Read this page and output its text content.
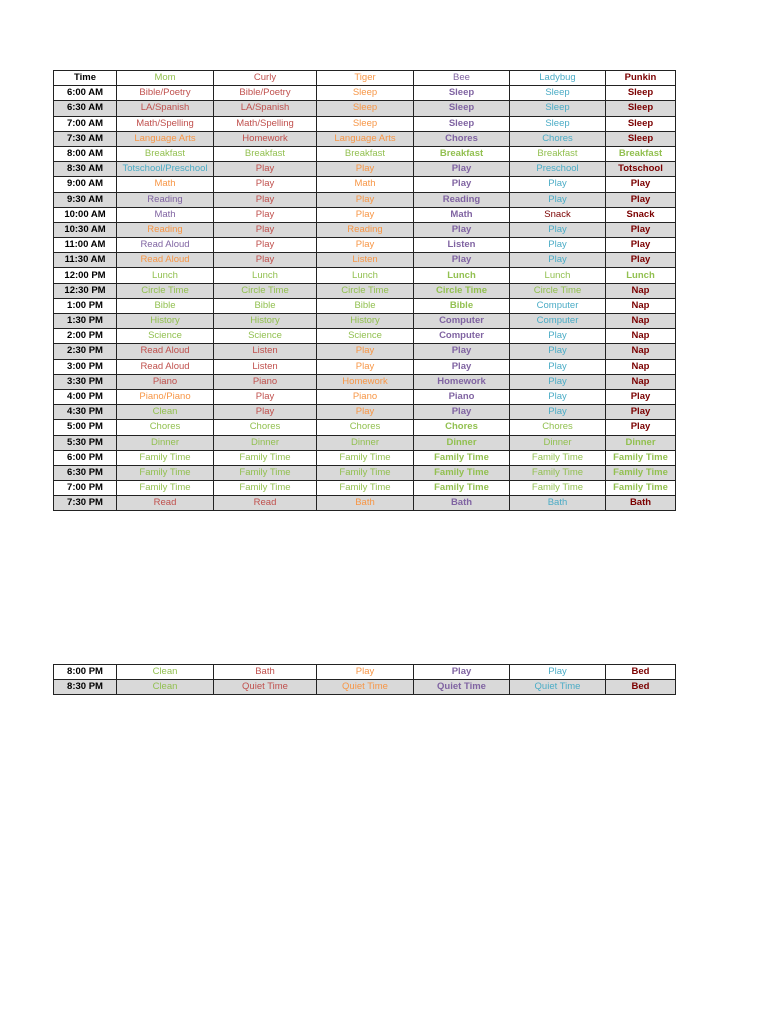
Time	Mom	Curly	Tiger	Bee	Ladybug	Punkin
6:00 AM	Bible/Poetry	Bible/Poetry	Sleep	Sleep	Sleep	Sleep
6:30 AM	LA/Spanish	LA/Spanish	Sleep	Sleep	Sleep	Sleep
7:00 AM	Math/Spelling	Math/Spelling	Sleep	Sleep	Sleep	Sleep
7:30 AM	Language Arts	Homework	Language Arts	Chores	Chores	Sleep
8:00 AM	Breakfast	Breakfast	Breakfast	Breakfast	Breakfast	Breakfast
8:30 AM	Totschool/Preschool	Play	Play	Play	Preschool	Totschool
9:00 AM	Math	Play	Math	Play	Play	Play
9:30 AM	Reading	Play	Play	Reading	Play	Play
10:00 AM	Math	Play	Play	Math	Snack	Snack
10:30 AM	Reading	Play	Reading	Play	Play	Play
11:00 AM	Read Aloud	Play	Play	Listen	Play	Play
11:30 AM	Read Aloud	Play	Listen	Play	Play	Play
12:00 PM	Lunch	Lunch	Lunch	Lunch	Lunch	Lunch
12:30 PM	Circle Time	Circle Time	Circle Time	Circle Time	Circle Time	Nap
1:00 PM	Bible	Bible	Bible	Bible	Computer	Nap
1:30 PM	History	History	History	Computer	Computer	Nap
2:00 PM	Science	Science	Science	Computer	Play	Nap
2:30 PM	Read Aloud	Listen	Play	Play	Play	Nap
3:00 PM	Read Aloud	Listen	Play	Play	Play	Nap
3:30 PM	Piano	Piano	Homework	Homework	Play	Nap
4:00 PM	Piano/Piano	Play	Piano	Piano	Play	Play
4:30 PM	Clean	Play	Play	Play	Play	Play
5:00 PM	Chores	Chores	Chores	Chores	Chores	Play
5:30 PM	Dinner	Dinner	Dinner	Dinner	Dinner	Dinner
6:00 PM	Family Time	Family Time	Family Time	Family Time	Family Time	Family Time
6:30 PM	Family Time	Family Time	Family Time	Family Time	Family Time	Family Time
7:00 PM	Family Time	Family Time	Family Time	Family Time	Family Time	Family Time
7:30 PM	Read	Read	Bath	Bath	Bath	Bath
8:00 PM	Clean	Bath	Play	Play	Play	Bed
8:30 PM	Clean	Quiet Time	Quiet Time	Quiet Time	Quiet Time	Bed
